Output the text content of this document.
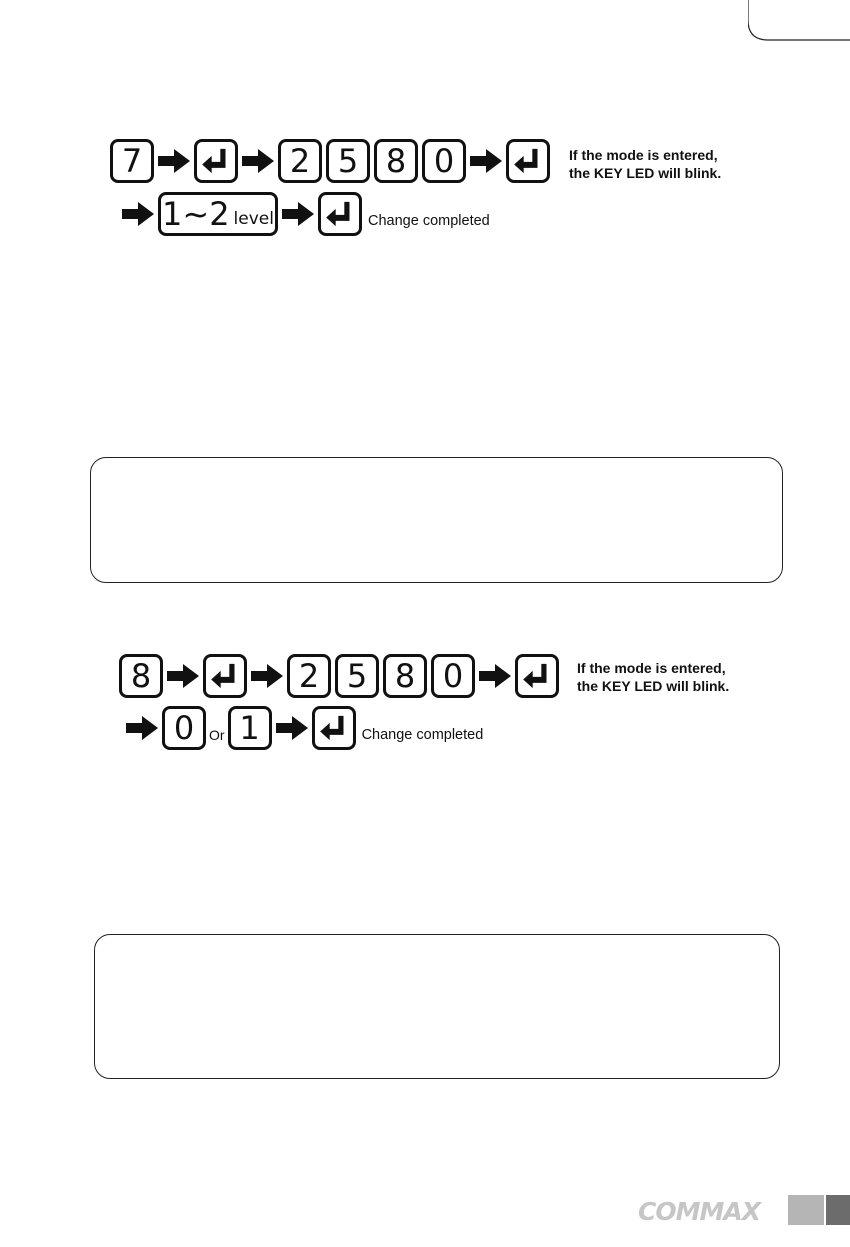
7	2 5 8 0	If the mode is entered,
the KEY LED will blink.
1~2 level	Change completed
8	2 5 8 0	If the mode is entered,
the KEY LED will blink.
0	Or 1	Change completed
COMMAX
